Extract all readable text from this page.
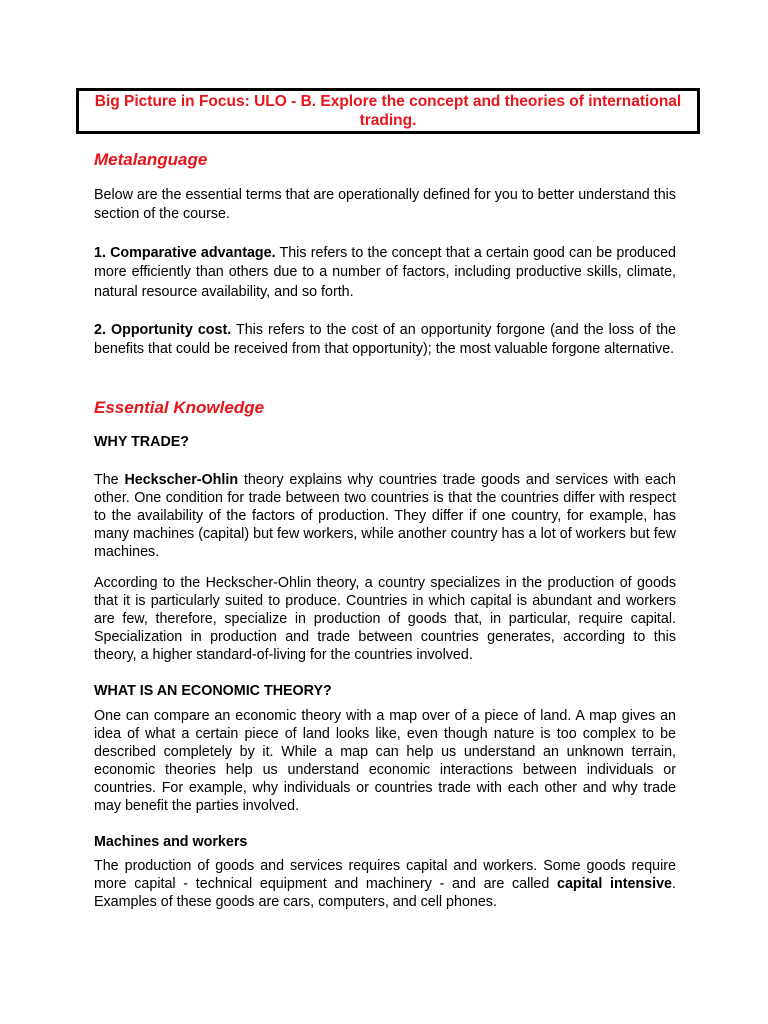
Big Picture in Focus: ULO - B. Explore the concept and theories of international trading.
Metalanguage

Below are the essential terms that are operationally defined for you to better understand this section of the course.

1. Comparative advantage. This refers to the concept that a certain good can be produced more efficiently than others due to a number of factors, including productive skills, climate, natural resource availability, and so forth.

2. Opportunity cost. This refers to the cost of an opportunity forgone (and the loss of the benefits that could be received from that opportunity); the most valuable forgone alternative.

Essential Knowledge
WHY TRADE?

The Heckscher-Ohlin theory explains why countries trade goods and services with each other. One condition for trade between two countries is that the countries differ with respect to the availability of the factors of production. They differ if one country, for example, has many machines (capital) but few workers, while another country has a lot of workers but few machines.

According to the Heckscher-Ohlin theory, a country specializes in the production of goods that it is particularly suited to produce. Countries in which capital is abundant and workers are few, therefore, specialize in production of goods that, in particular, require capital. Specialization in production and trade between countries generates, according to this theory, a higher standard-of-living for the countries involved.

WHAT IS AN ECONOMIC THEORY?

One can compare an economic theory with a map over of a piece of land. A map gives an idea of what a certain piece of land looks like, even though nature is too complex to be described completely by it. While a map can help us understand an unknown terrain, economic theories help us understand economic interactions between individuals or countries. For example, why individuals or countries trade with each other and why trade may benefit the parties involved.

Machines and workers

The production of goods and services requires capital and workers. Some goods require more capital - technical equipment and machinery - and are called capital intensive. Examples of these goods are cars, computers, and cell phones.
